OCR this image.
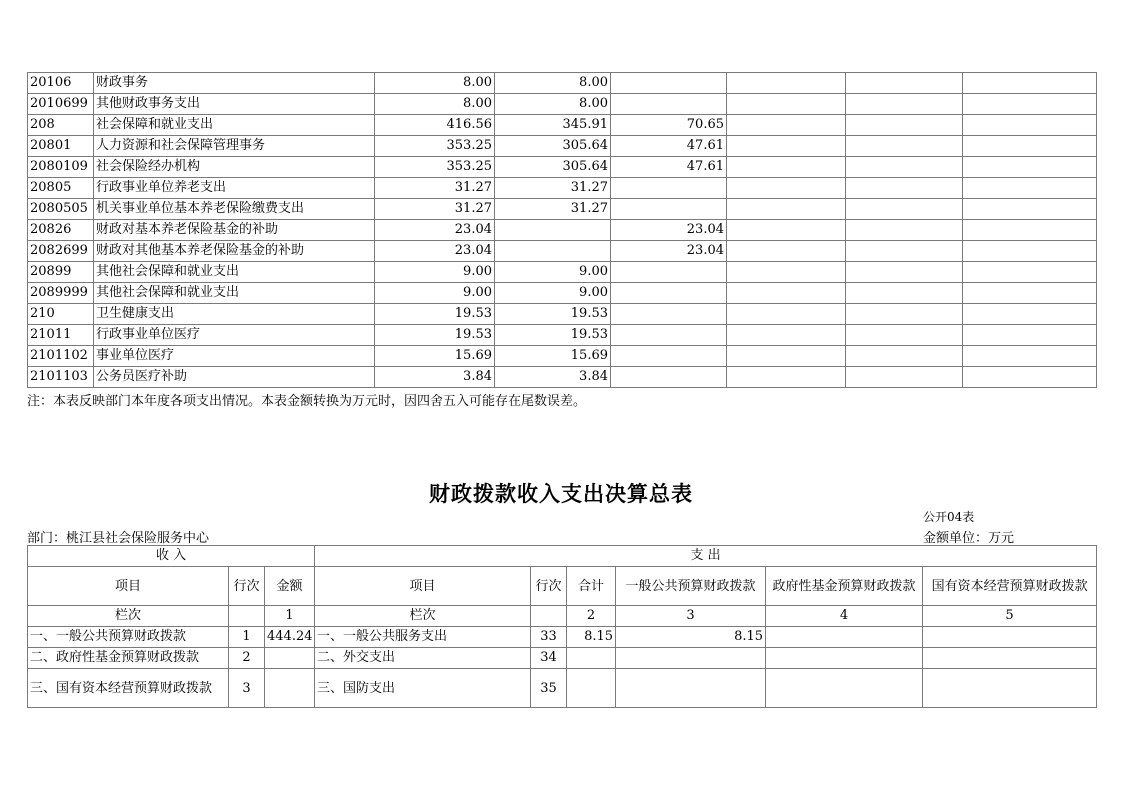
20106	财政事务	8.00	8.00				
2010699	其他财政事务支出	8.00	8.00				
208	社会保障和就业支出	416.56	345.91	70.65			
20801	人力资源和社会保障管理事务	353.25	305.64	47.61			
2080109	社会保险经办机构	353.25	305.64	47.61			
20805	行政事业单位养老支出	31.27	31.27				
2080505	机关事业单位基本养老保险缴费支出	31.27	31.27				
20826	财政对基本养老保险基金的补助	23.04		23.04			
2082699	财政对其他基本养老保险基金的补助	23.04		23.04			
20899	其他社会保障和就业支出	9.00	9.00				
2089999	其他社会保障和就业支出	9.00	9.00				
210	卫生健康支出	19.53	19.53				
21011	行政事业单位医疗	19.53	19.53				
2101102	事业单位医疗	15.69	15.69				
2101103	公务员医疗补助	3.84	3.84				
注：本表反映部门本年度各项支出情况。本表金额转换为万元时，因四舍五入可能存在尾数误差。
财政拨款收入支出决算总表
公开04表
部门：桃江县社会保险服务中心	金额单位：万元
收 入			支 出					
项目	行次	金额	项目	行次	合计	一般公共预算财政拨款	政府性基金预算财政拨款	国有资本经营预算财政拨款
栏次		1	栏次		2	3	4	5
一、一般公共预算财政拨款	1	444.24	一、一般公共服务支出	33	8.15	8.15		
二、政府性基金预算财政拨款	2		二、外交支出	34				
三、国有资本经营预算财政拨款	3		三、国防支出	35				
